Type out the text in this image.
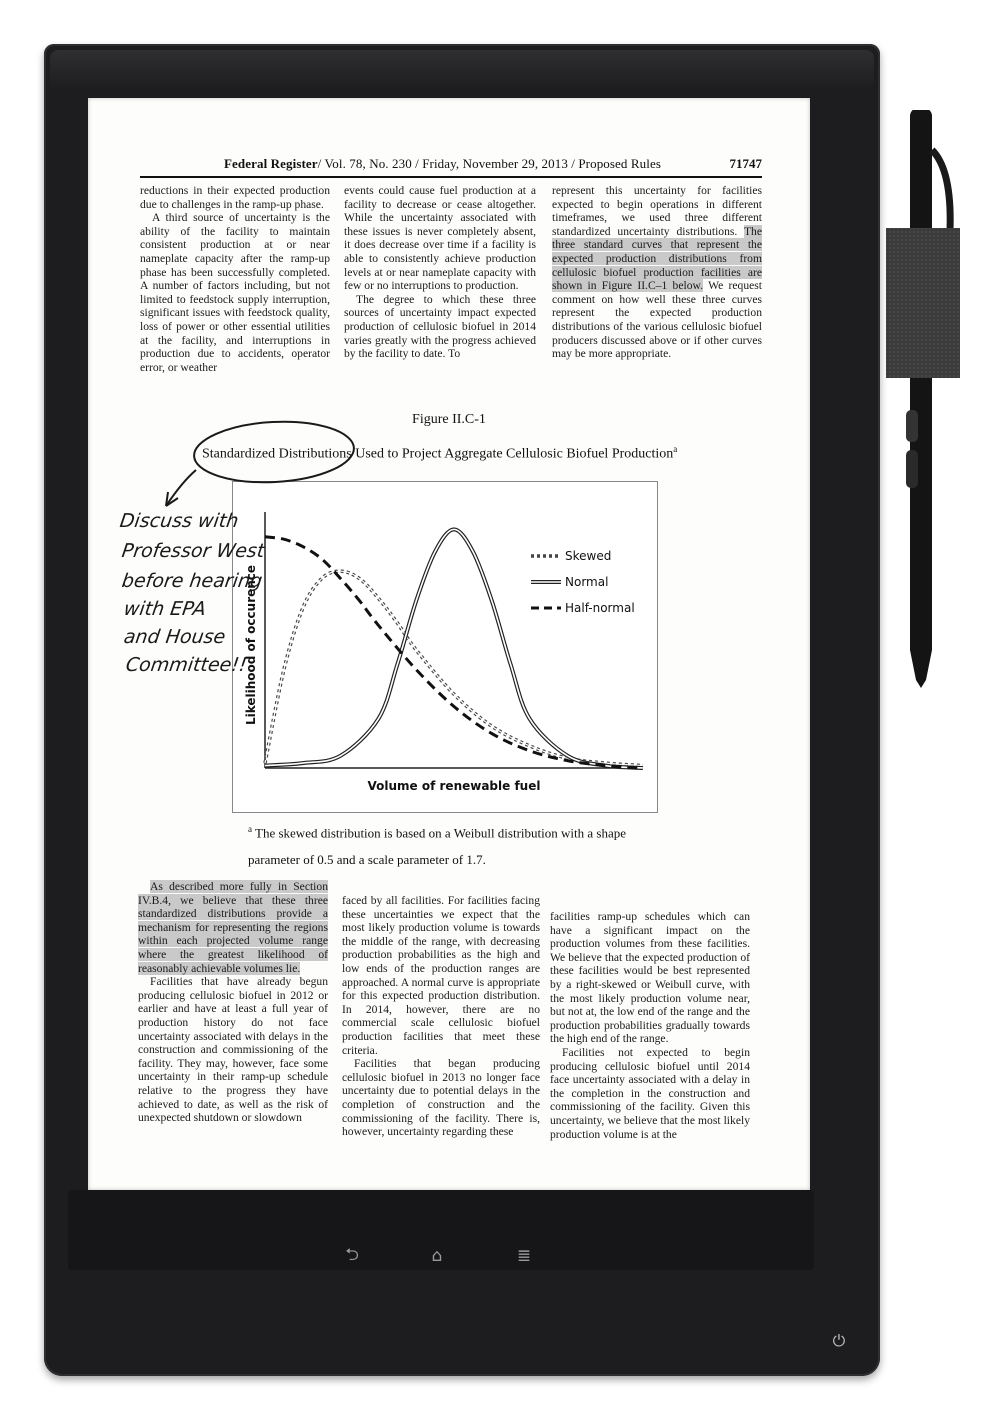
Federal Register/ Vol. 78, No. 230 / Friday, November 29, 2013 / Proposed Rules	71747

reductions in their expected production due to challenges in the ramp-up phase.

A third source of uncertainty is the ability of the facility to maintain consistent production at or near nameplate capacity after the ramp-up phase has been successfully completed. A number of factors including, but not limited to feedstock supply interruption, significant issues with feedstock quality, loss of power or other essential utilities at the facility, and interruptions in production due to accidents, operator error, or weather

events could cause fuel production at a facility to decrease or cease altogether. While the uncertainty associated with these issues is never completely absent, it does decrease over time if a facility is able to consistently achieve production levels at or near nameplate capacity with few or no interruptions to production.

The degree to which these three sources of uncertainty impact expected production of cellulosic biofuel in 2014 varies greatly with the progress achieved by the facility to date. To

represent this uncertainty for facilities expected to begin operations in different timeframes, we used three different standardized uncertainty distributions. The three standard curves that represent the expected production distributions from cellulosic biofuel production facilities are shown in Figure II.C–1 below. We request comment on how well these three curves represent the expected production distributions of the various cellulosic biofuel producers discussed above or if other curves may be more appropriate.

Figure II.C-1
Standardized Distributions Used to Project Aggregate Cellulosic Biofuel Production$^a$
Skewed
Normal
Half-normal
Volume of renewable fuel
Likelihood of occurence
$^a$ The skewed distribution is based on a Weibull distribution with a shape
parameter of 0.5 and a scale parameter of 1.7.

As described more fully in Section IV.B.4, we believe that these three standardized distributions provide a mechanism for representing the regions within each projected volume range where the greatest likelihood of reasonably achievable volumes lie.

Facilities that have already begun producing cellulosic biofuel in 2012 or earlier and have at least a full year of production history do not face uncertainty associated with delays in the construction and commissioning of the facility. They may, however, face some uncertainty in their ramp-up schedule relative to the progress they have achieved to date, as well as the risk of unexpected shutdown or slowdown

faced by all facilities. For facilities facing these uncertainties we expect that the most likely production volume is towards the middle of the range, with decreasing production probabilities as the high and low ends of the production ranges are approached. A normal curve is appropriate for this expected production distribution. In 2014, however, there are no commercial scale cellulosic biofuel production facilities that meet these criteria.

Facilities that began producing cellulosic biofuel in 2013 no longer face uncertainty due to potential delays in the completion of construction and the commissioning of the facility. There is, however, uncertainty regarding these

facilities ramp-up schedules which can have a significant impact on the production volumes from these facilities. We believe that the expected production of these facilities would be best represented by a right-skewed or Weibull curve, with the most likely production volume near, but not at, the low end of the range and the production probabilities gradually towards the high end of the range.

Facilities not expected to begin producing cellulosic biofuel until 2014 face uncertainty associated with a delay in the completion in the construction and commissioning of the facility. Given this uncertainty, we believe that the most likely production volume is at the

Discuss with
Professor West
before hearing
with EPA
and House
Committee!!
⮌	⌂	≣
⏻
